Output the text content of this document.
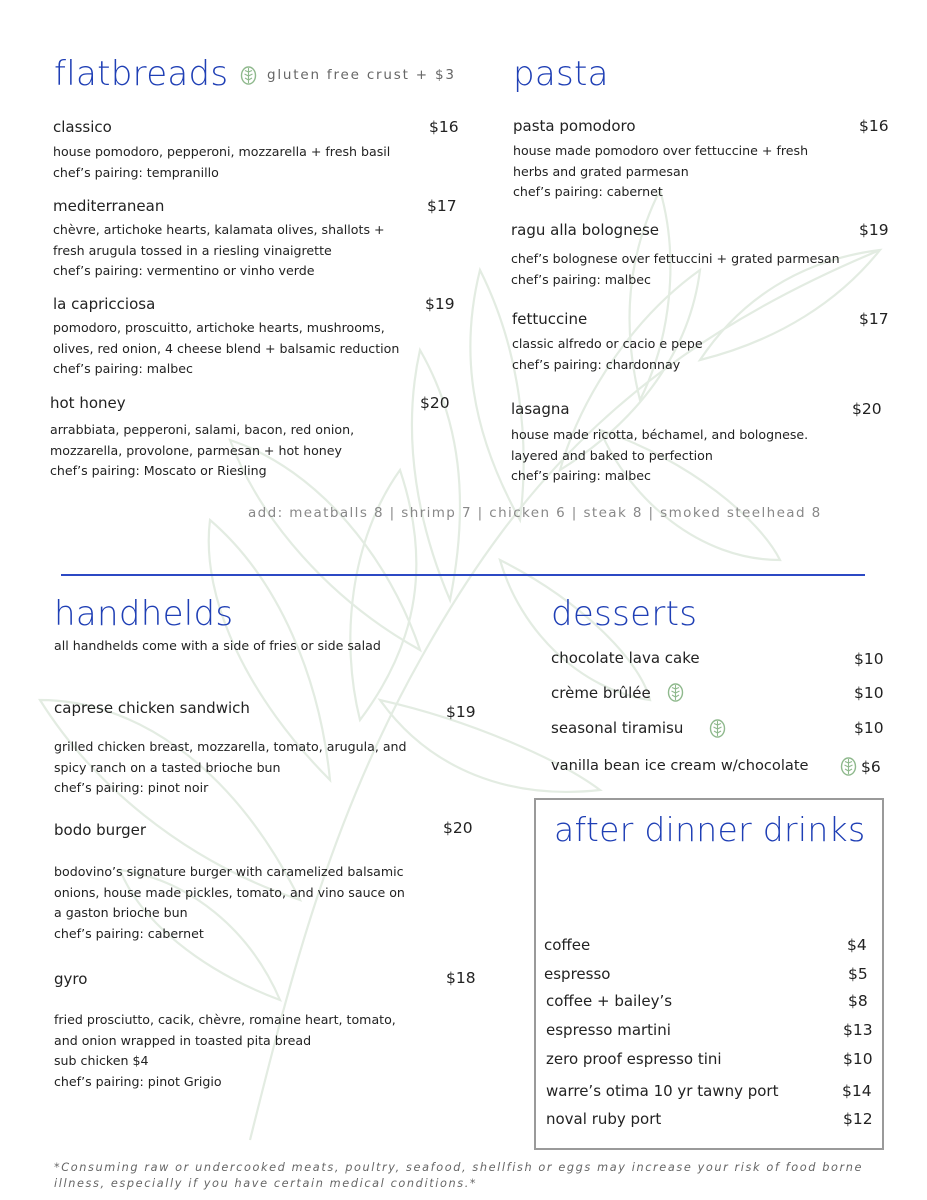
flatbreads	gluten free crust + $3
classico	$16
house pomodoro, pepperoni, mozzarella + fresh basil
chef’s pairing: tempranillo
mediterranean	$17
chèvre, artichoke hearts, kalamata olives, shallots +
fresh arugula tossed in a riesling vinaigrette
chef’s pairing: vermentino or vinho verde
la capricciosa	$19
pomodoro, proscuitto, artichoke hearts, mushrooms,
olives, red onion, 4 cheese blend + balsamic reduction
chef’s pairing: malbec
hot honey	$20
arrabbiata, pepperoni, salami, bacon, red onion,
mozzarella, provolone, parmesan + hot honey
chef’s pairing: Moscato or Riesling
pasta
pasta pomodoro	$16
house made pomodoro over fettuccine + fresh
herbs and grated parmesan
chef’s pairing: cabernet
ragu alla bolognese	$19
chef’s bolognese over fettuccini + grated parmesan
chef’s pairing: malbec
fettuccine	$17
classic alfredo or cacio e pepe
chef’s pairing: chardonnay
lasagna	$20
house made ricotta, béchamel, and bolognese.
layered and baked to perfection
chef’s pairing: malbec
add: meatballs 8 | shrimp 7 | chicken 6 | steak 8 | smoked steelhead 8
handhelds
all handhelds come with a side of fries or side salad
caprese chicken sandwich	$19
grilled chicken breast, mozzarella, tomato, arugula, and
spicy ranch on a tasted brioche bun
chef’s pairing: pinot noir
bodo burger	$20
bodovino’s signature burger with caramelized balsamic
onions, house made pickles, tomato, and vino sauce on
a gaston brioche bun
chef’s pairing: cabernet
gyro	$18
fried prosciutto, cacik, chèvre, romaine heart, tomato,
and onion wrapped in toasted pita bread
sub chicken $4
chef’s pairing: pinot Grigio
desserts
chocolate lava cake	$10
crème brûlée	$10
seasonal tiramisu	$10
vanilla bean ice cream w/chocolate	$6
after dinner drinks
coffee	$4
espresso	$5
coffee + bailey’s	$8
espresso martini	$13
zero proof espresso tini	$10
warre’s otima 10 yr tawny port	$14
noval ruby port	$12
*Consuming raw or undercooked meats, poultry, seafood, shellfish or eggs may increase your risk of food borne illness, especially if you have certain medical conditions.*
